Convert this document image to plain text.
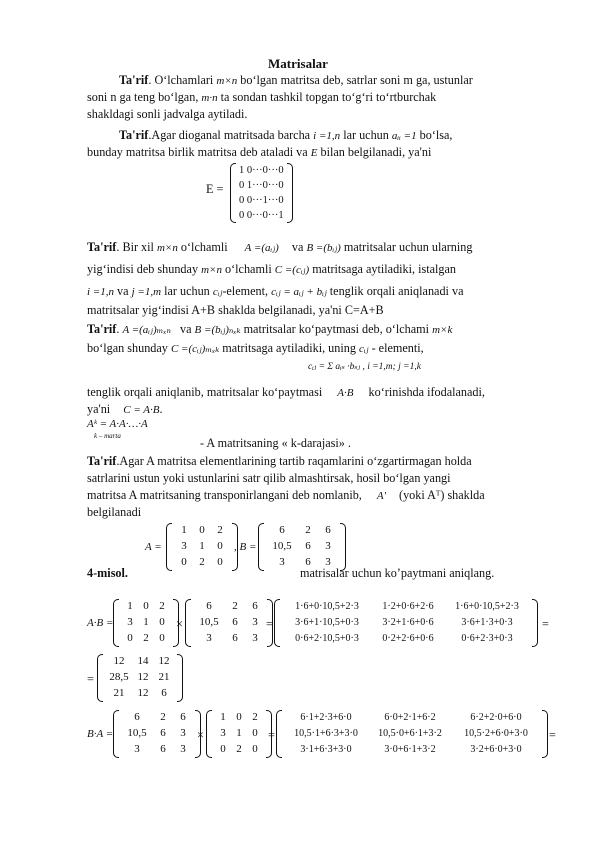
Matrisalar
Ta'rif. O‘lchamlari m×n bo‘lgan matritsa deb, satrlar soni m ga, ustunlar
soni n ga teng bo‘lgan, m·n ta sondan tashkil topgan to‘g‘ri to‘rtburchak
shakldagi sonli jadvalga aytiladi.
Ta'rif.Agar dioganal matritsada barcha i =1,n lar uchun aᵢᵢ =1 bo‘lsa,
bunday matritsa birlik matritsa deb ataladi va E bilan belgilanadi, ya'ni
E =
1 0···0···0
0 1···0···0
0 0···1···0
0 0···0···1
Ta'rif. Bir xil m×n o‘lchamli A =(aᵢⱼ) va B =(bᵢⱼ) matritsalar uchun ularning
yig‘indisi deb shunday m×n o‘lchamli C =(cᵢⱼ) matritsaga aytiladiki, istalgan
i =1,n va j =1,m lar uchun cᵢⱼ-element, cᵢⱼ = aᵢⱼ + bᵢⱼ tenglik orqali aniqlanadi va
matritsalar yig‘indisi A+B shaklda belgilanadi, ya'ni C=A+B
Ta'rif. A =(aᵢⱼ)ₘₓₙ va B =(bᵢⱼ)ₙₓₖ matritsalar ko‘paytmasi deb, o‘lchami m×k
bo‘lgan shunday C =(cᵢⱼ)ₘₓₖ matritsaga aytiladiki, uning cᵢⱼ - elementi,
cᵢⱼ = Σ aᵢₛ ·bₛⱼ , i =1,m; j =1,k
tenglik orqali aniqlanib, matritsalar ko‘paytmasi A·B ko‘rinishda ifodalanadi,
ya'ni C = A·B.
Aᵏ = A·A·…·A
k – marta	- A matritsaning « k-darajasi» .
Ta'rif.Agar A matritsa elementlarining tartib raqamlarini o‘zgartirmagan holda
satrlarini ustun yoki ustunlarini satr qilib almashtirsak, hosil bo‘lgan yangi
matritsa A matritsaning transponirlangani deb nomlanib, A' (yoki Aᵀ) shaklda
belgilanadi
4-misol.
A =
1	0	2
3	1	0
0	2	0
, B =
6	2	6
10,5	6	3
3	6	3
matrisalar uchun ko’paytmani aniqlang.
A·B =
1 0 2
3 1 0
0 2 0
×
6	2	6
10,5	6	3
3	6	3
=
1·6+0·10,5+2·3	1·2+0·6+2·6	1·6+0·10,5+2·3
3·6+1·10,5+0·3	3·2+1·6+0·6	3·6+1·3+0·3
0·6+2·10,5+0·3	0·2+2·6+0·6	0·6+2·3+0·3
=
=
12	14 12
28,5 12 21
21	12	6
B·A =
6	2	6
10,5	6	3
3	6	3
×
1 0 2
3 1 0
0 2 0
=
6·1+2·3+6·0	6·0+2·1+6·2	6·2+2·0+6·0
10,5·1+6·3+3·0	10,5·0+6·1+3·2	10,5·2+6·0+3·0
3·1+6·3+3·0	3·0+6·1+3·2	3·2+6·0+3·0
=
